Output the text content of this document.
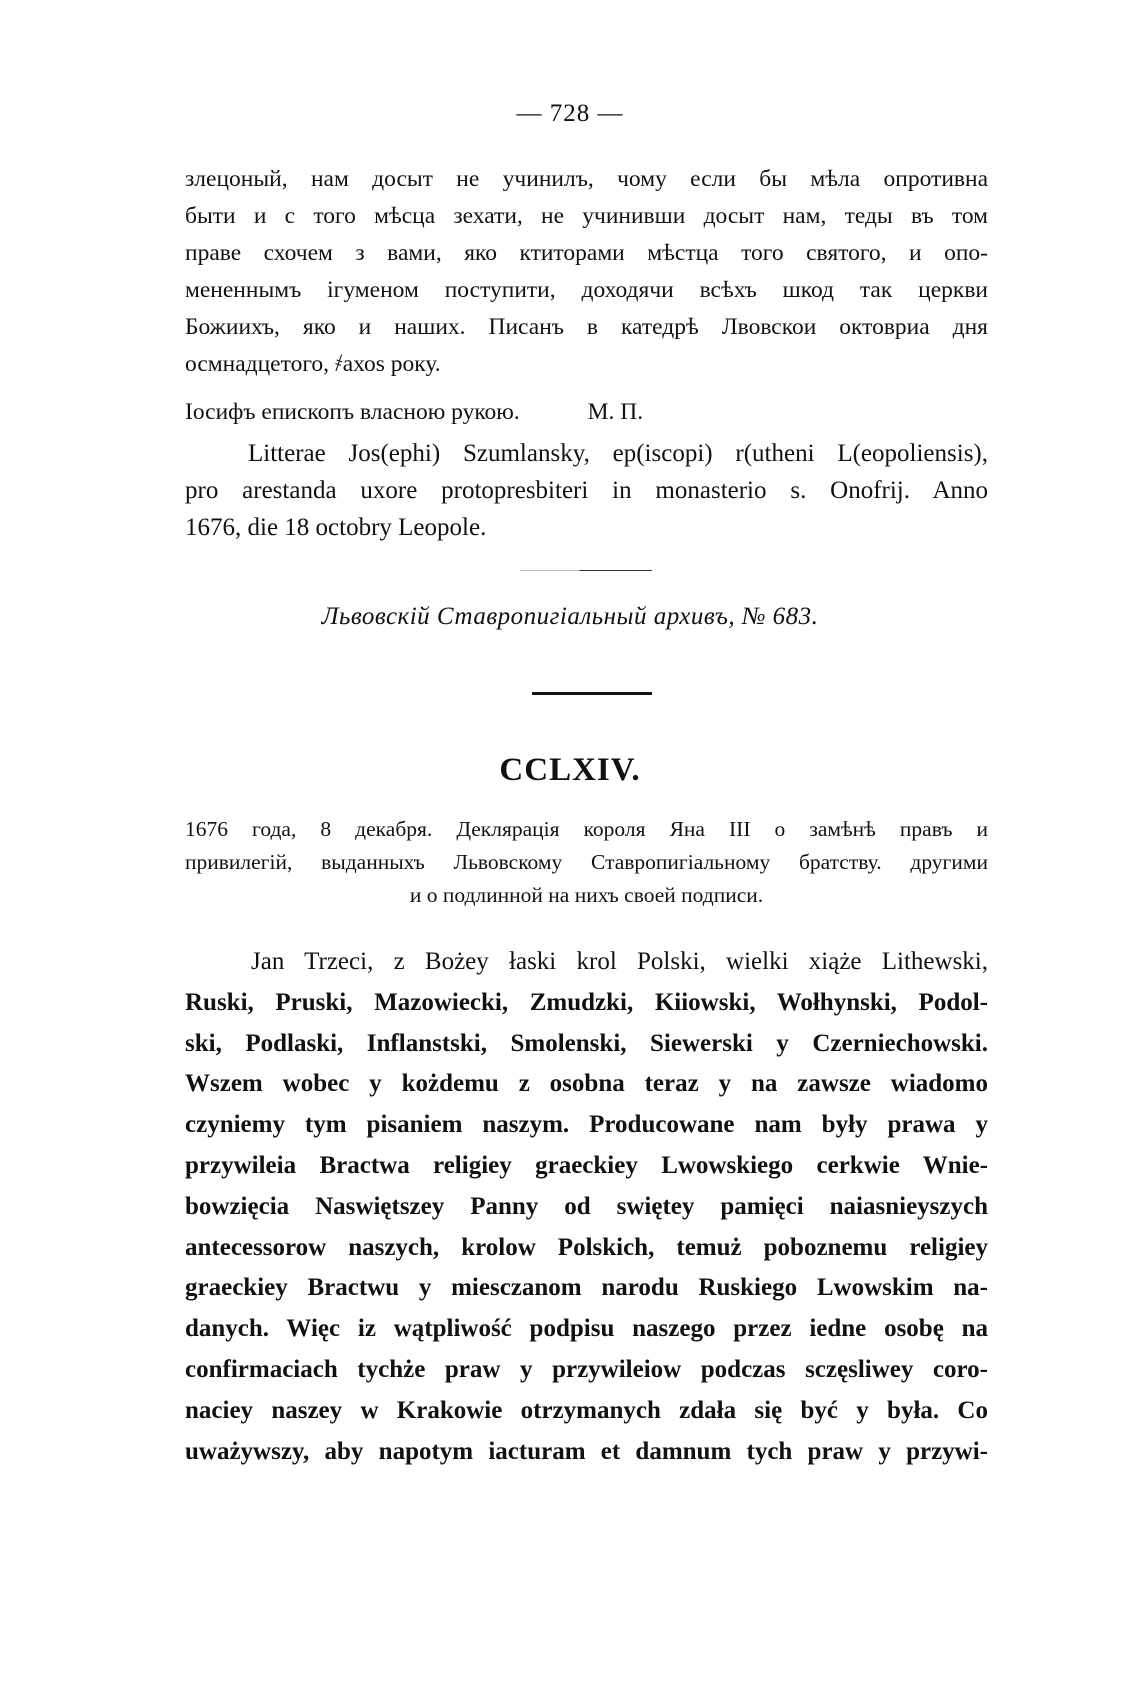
— 728 —
злецоный, нам досыт не учинилъ, чому если бы мѣла опротивна
быти и с того мѣсца зехати, не учинивши досыт нам, теды въ том
праве схочем з вами, яко ктиторами мѣстца того святого, и опо-
мененнымъ ігуменом поступити, доходячи всѣхъ шкод так церкви
Божиихъ, яко и наших. Писанъ в катедрѣ Лвовскои октовриа дня
осмнадцетого, ҂ахоѕ року.
Іосифъ епископъ власною рукою.	М. П.
Litterae Jos(ephi) Szumlansky, ep(iscopi) r(utheni L(eopoliensis),
pro arestanda uxore protopresbiteri in monasterio s. Onofrij. Anno
1676, die 18 octobry Leopole.
Львовскій Ставропигіальный архивъ, № 683.
CCLXIV.
1676 года, 8 декабря. Деклярація короля Яна III о замѣнѣ правъ и
привилегій, выданныхъ Львовскому Ставропигіальному братству. другими
и о подлинной на нихъ своей подписи.
Jan Trzeci, z Bożey łaski krol Polski, wielki xiąże Lithewski,
Ruski, Pruski, Mazowiecki, Zmudzki, Kiiowski, Wołhynski, Podol-
ski, Podlaski, Inflanstski, Smolenski, Siewerski y Czerniechowski.
Wszem wobec y kożdemu z osobna teraz y na zawsze wiadomo
czyniemy tym pisaniem naszym. Producowane nam były prawa y
przywileia Bractwa religiey graeckiey Lwowskiego cerkwie Wnie-
bowzięcia Naswiętszey Panny od swiętey pamięci naiasnieyszych
antecessorow naszych, krolow Polskich, temuż poboznemu religiey
graeckiey Bractwu y miesczanom narodu Ruskiego Lwowskim na-
danych. Więc iz wątpliwość podpisu naszego przez iedne osobę na
confirmaciach tychże praw y przywileiow podczas sczęsliwey coro-
naciey naszey w Krakowie otrzymanych zdała się być y była. Co
uważywszy, aby napotym iacturam et damnum tych praw y przywi-
